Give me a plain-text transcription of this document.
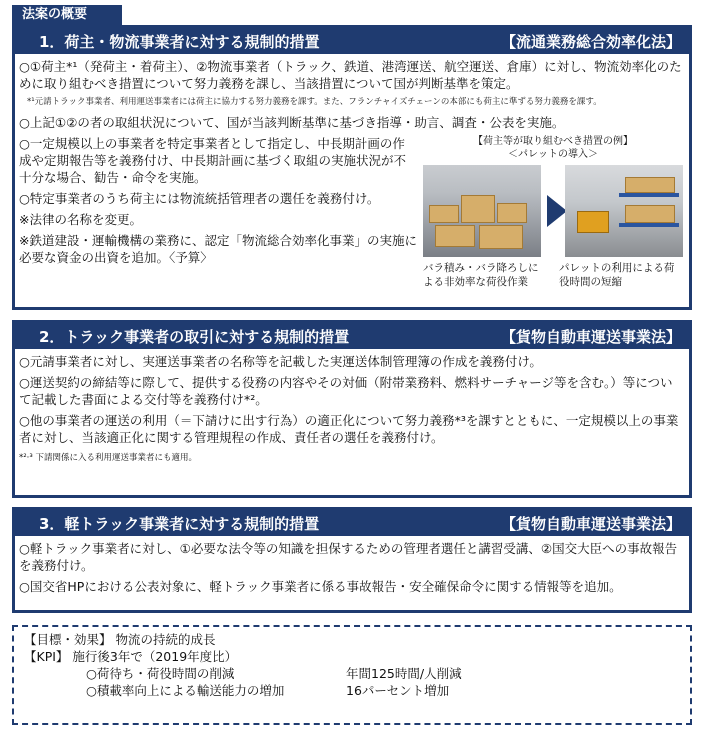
法案の概要
1．荷主・物流事業者に対する規制的措置	【流通業務総合効率化法】
○①荷主*¹（発荷主・着荷主）、②物流事業者（トラック、鉄道、港湾運送、航空運送、倉庫）に対し、物流効率化のために取り組むべき措置について努力義務を課し、当該措置について国が判断基準を策定。
*¹元請トラック事業者、利用運送事業者には荷主に協力する努力義務を課す。また、フランチャイズチェーンの本部にも荷主に準ずる努力義務を課す。
○上記①②の者の取組状況について、国が当該判断基準に基づき指導・助言、調査・公表を実施。
○一定規模以上の事業者を特定事業者として指定し、中長期計画の作成や定期報告等を義務付け、中長期計画に基づく取組の実施状況が不十分な場合、勧告・命令を実施。
○特定事業者のうち荷主には物流統括管理者の選任を義務付け。
※法律の名称を変更。
※鉄道建設・運輸機構の業務に、認定「物流総合効率化事業」の実施に必要な資金の出資を追加。〈予算〉
【荷主等が取り組むべき措置の例】
＜パレットの導入＞
バラ積み・バラ降ろしによる非効率な荷役作業
パレットの利用による荷役時間の短縮
2．トラック事業者の取引に対する規制的措置	【貨物自動車運送事業法】
○元請事業者に対し、実運送事業者の名称等を記載した実運送体制管理簿の作成を義務付け。
○運送契約の締結等に際して、提供する役務の内容やその対価（附帯業務料、燃料サーチャージ等を含む。）等について記載した書面による交付等を義務付け*²。
○他の事業者の運送の利用（＝下請けに出す行為）の適正化について努力義務*³を課すとともに、一定規模以上の事業者に対し、当該適正化に関する管理規程の作成、責任者の選任を義務付け。
*²·³ 下請関係に入る利用運送事業者にも適用。
3．軽トラック事業者に対する規制的措置	【貨物自動車運送事業法】
○軽トラック事業者に対し、①必要な法令等の知識を担保するための管理者選任と講習受講、②国交大臣への事故報告を義務付け。
○国交省HPにおける公表対象に、軽トラック事業者に係る事故報告・安全確保命令に関する情報等を追加。
【目標・効果】 物流の持続的成長
【KPI】 施行後3年で（2019年度比）
○荷待ち・荷役時間の削減	年間125時間/人削減
○積載率向上による輸送能力の増加	16パーセント増加
